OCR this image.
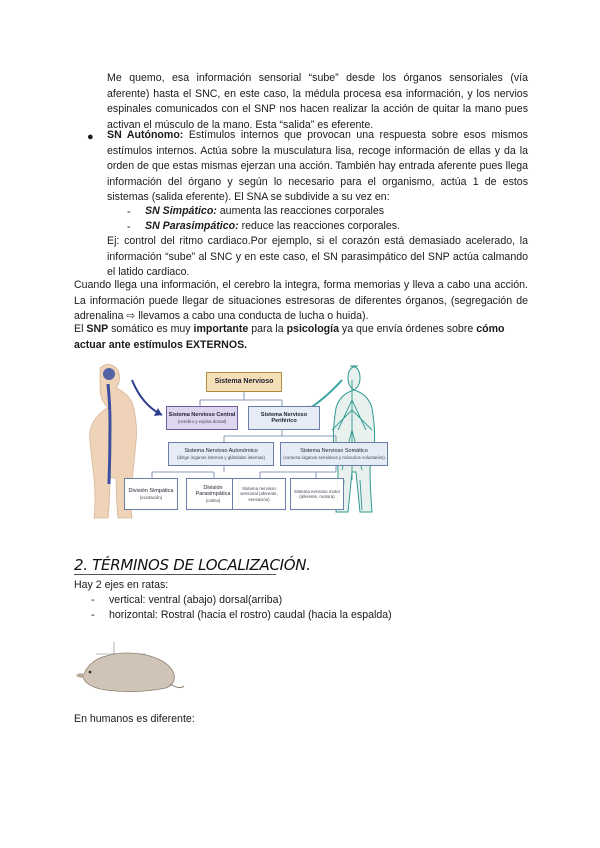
Me quemo, esa información sensorial “sube” desde los órganos sensoriales (vía aferente) hasta el SNC, en este caso, la médula procesa esa información, y los nervios espinales comunicados con el SNP nos hacen realizar la acción de quitar la mano pues activan el músculo de la mano. Esta “salida” es eferente.
● SN Autónomo: Estímulos internos que provocan una respuesta sobre esos mismos estímulos internos. Actúa sobre la musculatura lisa, recoge información de ellas y da la orden de que estas mismas ejerzan una acción. También hay entrada aferente pues llega información del órgano y según lo necesario para el organismo, actúa 1 de estos sistemas (salida eferente). El SNA se subdivide a su vez en:
- SN Simpático: aumenta las reacciones corporales
- SN Parasimpático: reduce las reacciones corporales.
Ej: control del ritmo cardiaco.Por ejemplo, si el corazón está demasiado acelerado, la información “sube” al SNC y en este caso, el SN parasimpático del SNP actúa calmando el latido cardiaco.
Cuando llega una información, el cerebro la integra, forma memorias y lleva a cabo una acción. La información puede llegar de situaciones estresoras de diferentes órganos, (segregación de adrenalina ⇨ llevamos a cabo una conducta de lucha o huida).
El SNP somático es muy importante para la psicología ya que envía órdenes sobre cómo actuar ante estímulos EXTERNOS.
Sistema Nervioso
Sistema Nervioso Central
(cerebro y espina dorsal)
Sistema Nervioso Periférico
Sistema Nervioso Autonómico
(dirige órganos internos y glándulas internas)
Sistema Nervioso Somático
(conecta órganos sensitivos y músculos voluntarios)
División Simpática
(excitación)
División Parasimpática
(calma)
Sistema nervioso sensorial (aferente, sensación)
Sistema nervioso motor (aferente, motora)
2. TÉRMINOS DE LOCALIZACIÓN.
Hay 2 ejes en ratas:
- vertical: ventral (abajo) dorsal(arriba)
- horizontal: Rostral (hacia el rostro) caudal (hacia la espalda)
En humanos es diferente:
